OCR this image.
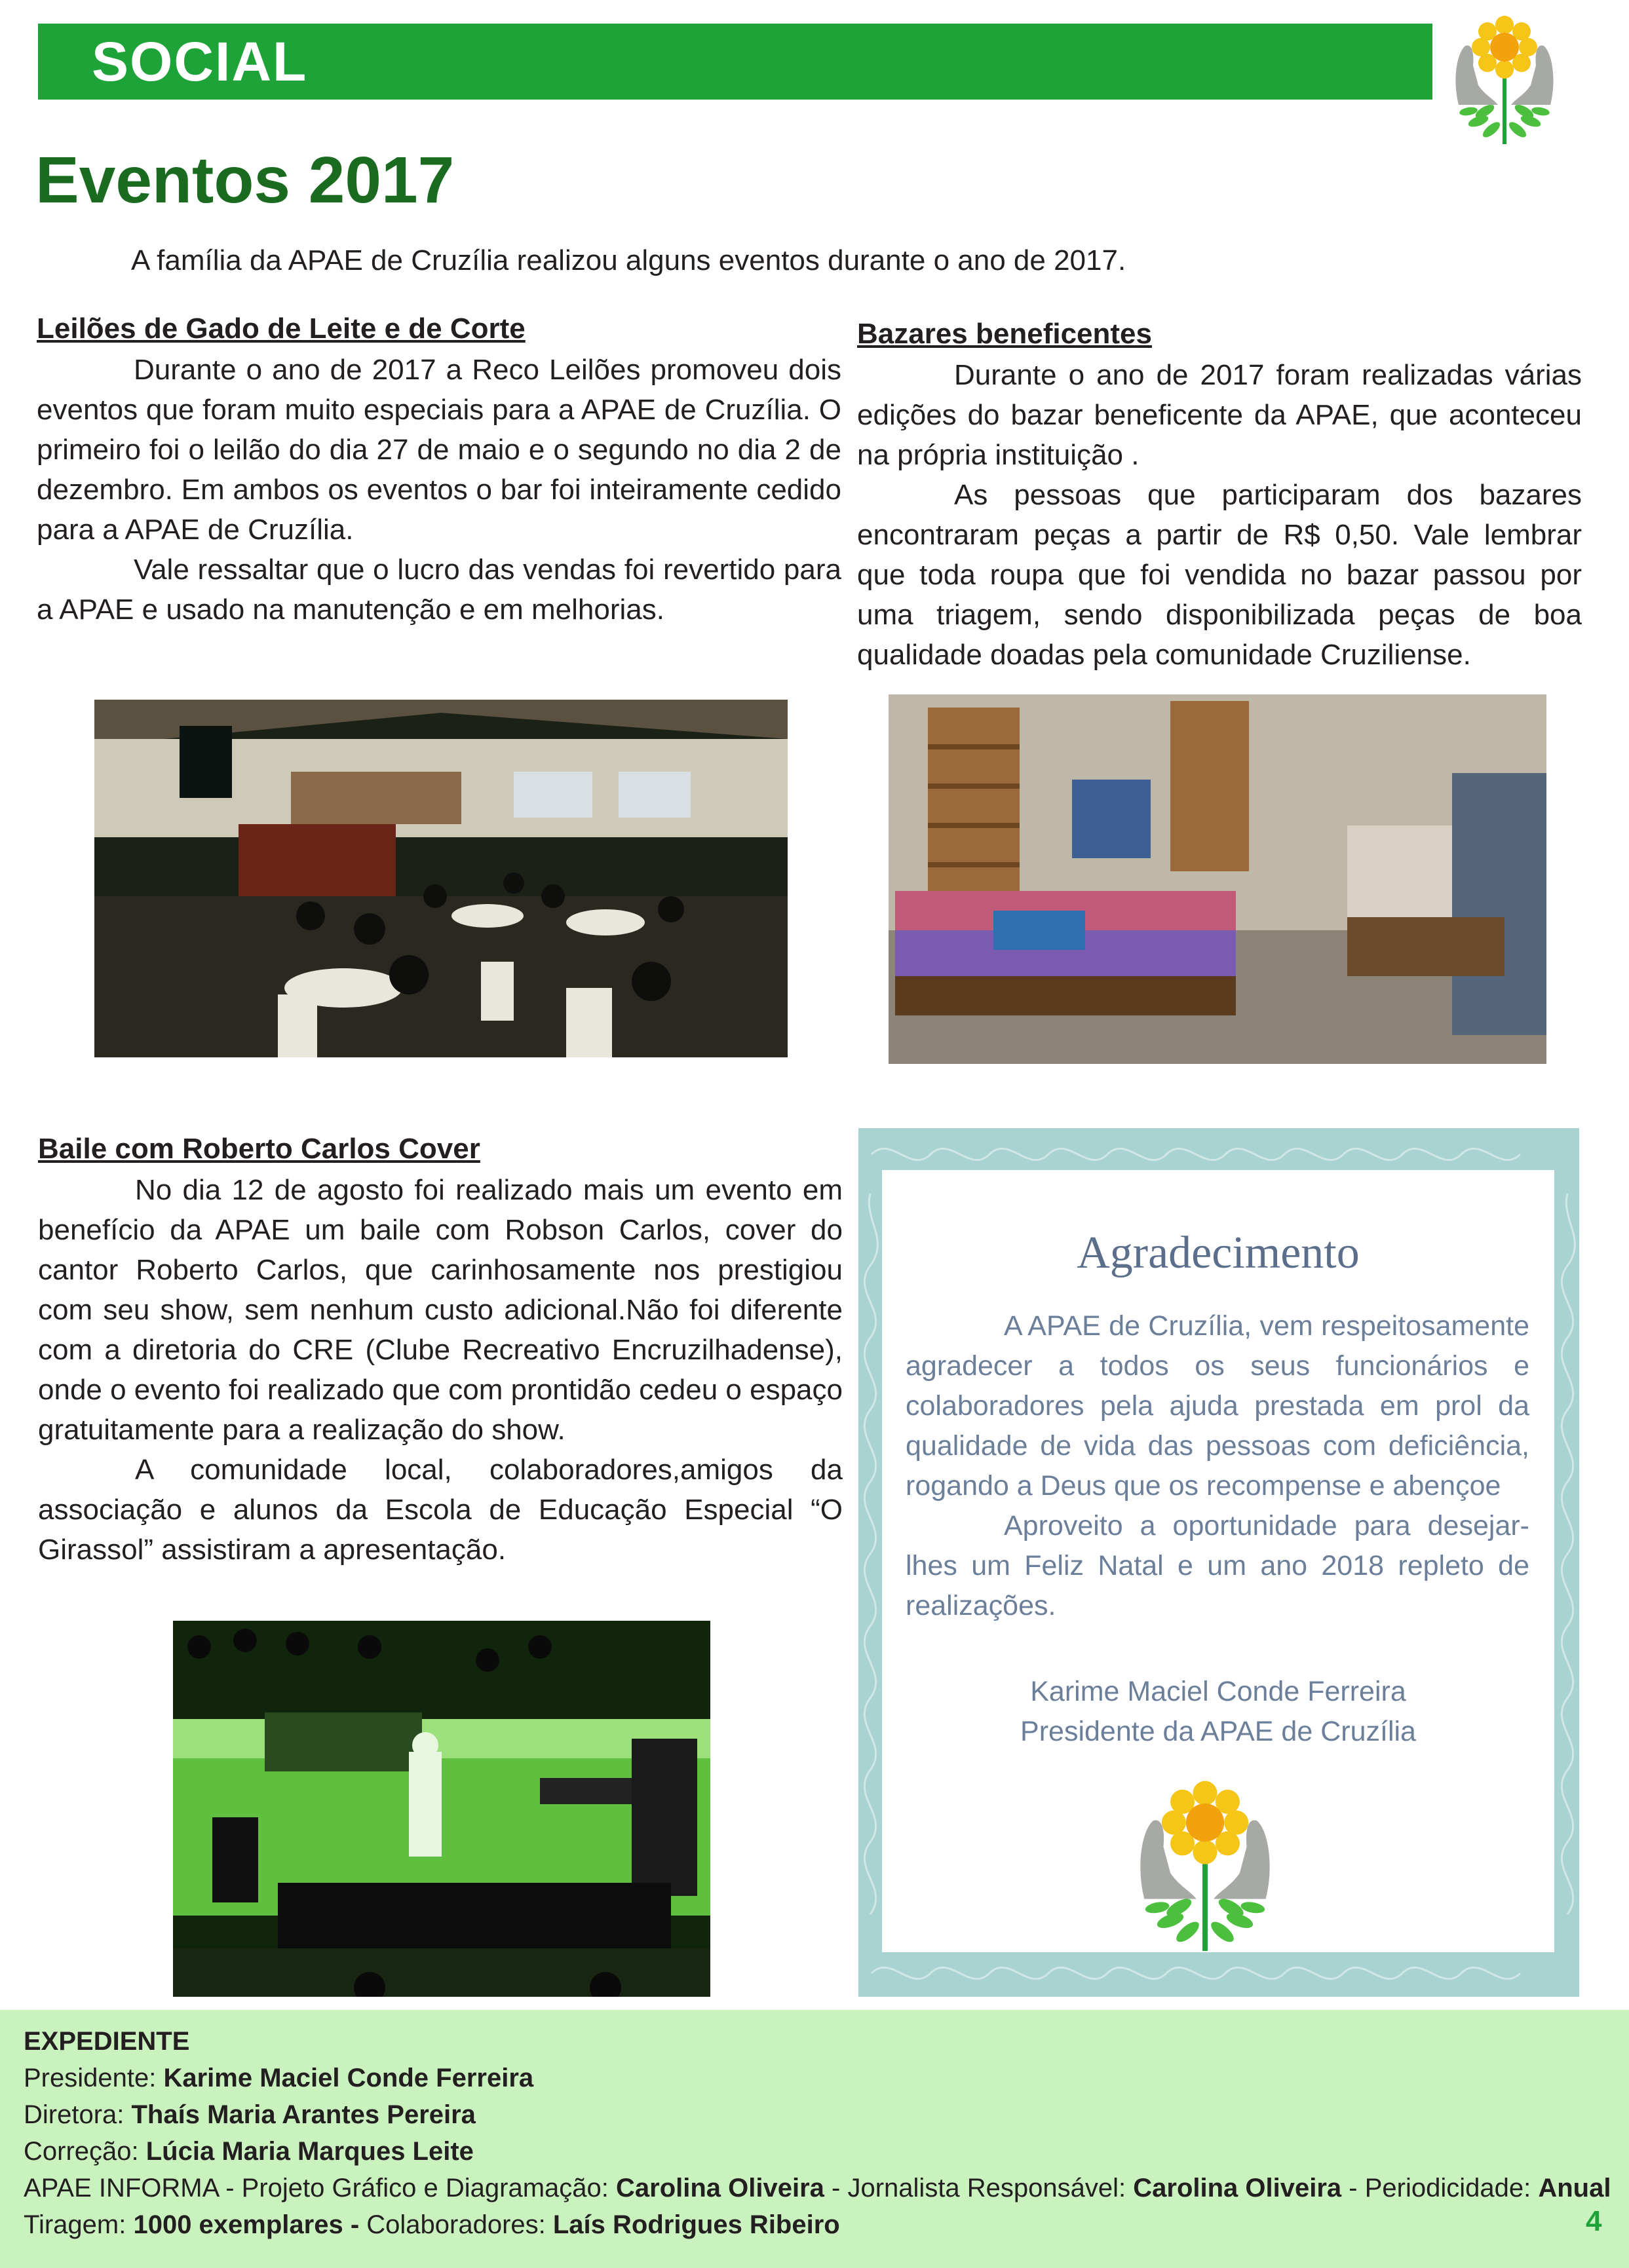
SOCIAL
Eventos 2017
A família da APAE de Cruzília realizou alguns eventos durante o ano de 2017.
Leilões de Gado de Leite e de Corte

Durante o ano de 2017 a Reco Leilões promoveu dois eventos que foram muito especiais para a APAE de Cruzília. O primeiro foi o leilão do dia 27 de maio e o segundo no dia 2 de dezembro. Em ambos os eventos o bar foi inteiramente cedido para a APAE de Cruzília.

Vale ressaltar que o lucro das vendas foi revertido para a APAE e usado na manutenção e em melhorias.

Bazares beneficentes

Durante o ano de 2017 foram realizadas várias edições do bazar beneficente da APAE, que aconteceu na própria instituição .

As pessoas que participaram dos bazares encontraram peças a partir de R$ 0,50. Vale lembrar que toda roupa que foi vendida no bazar passou por uma triagem, sendo disponibilizada peças de boa qualidade doadas pela comunidade Cruziliense.

Baile com Roberto Carlos Cover

No dia 12 de agosto foi realizado mais um evento em benefício da APAE um baile com Robson Carlos, cover do cantor Roberto Carlos, que carinhosamente nos prestigiou com seu show, sem nenhum custo adicional.Não foi diferente com a diretoria do CRE (Clube Recreativo Encruzilhadense), onde o evento foi realizado que com prontidão cedeu o espaço gratuitamente para a realização do show.

A comunidade local, colaboradores,amigos da associação e alunos da Escola de Educação Especial “O Girassol” assistiram a apresentação.

Agradecimento

A APAE de Cruzília, vem respeitosamente agradecer a todos os seus funcionários e colaboradores pela ajuda prestada em prol da qualidade de vida das pessoas com deficiência, rogando a Deus que os recompense e abençoe

Aproveito a oportunidade para desejar-lhes um Feliz Natal e um ano 2018 repleto de realizações.

Karime Maciel Conde Ferreira
Presidente da APAE de Cruzília
EXPEDIENTE
Presidente: Karime Maciel Conde Ferreira
Diretora: Thaís Maria Arantes Pereira
Correção: Lúcia Maria Marques Leite
APAE INFORMA - Projeto Gráfico e Diagramação: Carolina Oliveira - Jornalista Responsável: Carolina Oliveira - Periodicidade: Anual
Tiragem: 1000 exemplares - Colaboradores: Laís Rodrigues Ribeiro	4
